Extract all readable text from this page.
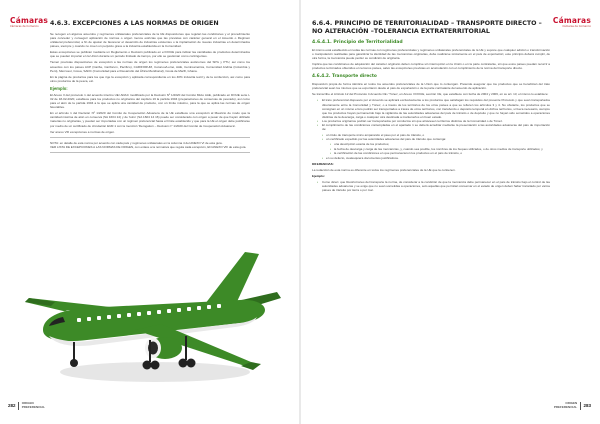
Cámaras
Cámaras de Comercio	4.6.3. EXCEPCIONES A LAS NORMAS DE ORIGEN

Se recogen en algunos acuerdos y regímenes unilaterales preferenciales de la UE disposiciones que regulan las condiciones y el procedimiento para conceder y conseguir aplicación de normas o origen menos estrictas que las previstas con carácter general en el Acuerdo o Régimen unilateral preferencial, a fin de ajustar de favorecer el desarrollo de industrias existentes o la implantación de nuevas industrias en determinados países, siempre y cuando no creen un perjuicio grave a la industria establecida en la Comunidad.

Estas excepciones se publican mediante un Reglamento o Decisión publicado en el DOUE para indicar las cantidades de productos determinados que se pueden importar en la Unión durante un periodo limitado de tiempo, por ello se gestionan como contingentes.

Tienen previstas disposiciones de excepción a las normas de origen los regímenes preferenciales autónomos del SPG y PTU, así como los acuerdos con los países ACP (Caribe, Cariforum, Pacífico), CARIFORUM, Cotonou/Lomé, AAE, Centroamérica, Comunidad Andina (Colombia y Perú), Mercosur, Corea, SADC (Comunidad para el Desarrollo del África Meridional), Costa de Marfil, Ghana.

En la página de productos para los que rige la excepción y aplicada correspondiente en los 40% industria textil y de la confección, así como para otros productos de la pesca, etc.

Ejemplo:

El Anexo II del protocolo 1 del acuerdo interino UE/ ADAC modificado por la Decisión Nº 1/2020 del Comité Mixto AAE, publicado en DOUE serie L 32 de 18-02-2020, establece para los productos no originarios del capítulo 16 la partida 1604 (preparaciones de conservas de pescado), así como para el atún de la partida 1604 a la que se aplica una cantidad de producto, con un límite máximo, para la que se aplica las normas de origen favorables.

En el artículo 1 del Decisión Nº 1/2020 del Comité de Cooperación Aduanera de la UE establece una excepción al Mauricio de modo que la cantidad máxima de atún en conserva (SA 1604 14) y de 'loins' (SA 1604 14 16) puede ser considerado con origen a pesar de que hayan utilizado materias no originarias, y pueden ser importadas con un régimen preferencial hasta el límite establecido y que para la UE el origen debe justificarse por medio de un certificado de circulación EUR.1 con la mención 'Derogation – Decision n° 1/2020 del Comité de Cooperación Aduanera'.

Ver anexo VIII excepciones a normas de origen.

NOTA: en detalle de esta norma por acuerdo con cada país y regímenes unilaterales en la columna 4 del ANEXO VI de esta guía.

VER LISTA DE EXCEPCIONES A LAS NORMAS DE ORIGEN, con enlace a la normativa que regula cada excepción, EN ANEXO VIII de esta guía.

282 ORIGEN
PREFERENCIAL
Cámaras
Cámaras de Comercio
6.6.4. PRINCIPIO DE TERRITORIALIDAD – TRANSPORTE DIRECTO – NO ALTERACIÓN –TOLERANCIA EXTRATERRITORIAL
4.6.4.1. Principio de Territorialidad

El mismo está establecido en todas las normas con regímenes preferenciales y regímenes unilaterales preferenciales de la UE y supone que cualquier adición o transformación o manipulación realizadas para garantizar la identidad de las mercancías originarias, debe realizarse únicamente en el país de exportación; este principio deberá cumplir, de otra forma, la mercancía puede perder su condición de originaria.

Implica que las condiciones de adquisición del carácter originario deben cumplirse sin interrupción en la Unión o en la parte contratante, sin que estos países puedan recurrir a productos terminados obtenidos en terceros países, salvo las excepciones previstas en acumulación con el cumplimiento de la norma del transporte directo.

4.6.4.2. Transporte directo

Disposición propia de forma idéntica en todos los acuerdos preferenciales de la Unión que lo contengan. Pretende asegurar que los productos que se benefician del trato preferencial sean los mismos que se exportaron desde el país de exportación o de la parte contratante del acuerdo de aplicación.

Se transcribe el Artículo 12 del Protocolo 4 Acuerdo CE / Túnez, en Anexo II DOUE, sección CE, que establece con fecha de 2004 y 2006, en su art. 13, el mismo lo establece:

• El trato preferencial dispuesto por el Acuerdo se aplicará exclusivamente a los productos que satisfagan los requisitos del presente Protocolo y que sean transportados directamente entre la Comunidad y Túnez, o a través de los territorios de los otros países a que se refieren los artículos 3 y 4. No obstante, los productos que se consignan en un mismo envío podrán ser transportados a través de otros territorios, con transbordo o depósito temporal en dichos territorios, si fuera necesario, siempre que los productos hayan permanecido bajo la vigilancia de las autoridades aduaneras del país de tránsito o de depósito y que no hayan sido sometidos a operaciones distintas de la descarga, carga o cualquier otra destinada a mantenerlos en buen estado.
• Los productos originarios podrán ser transportados por conductos sin que atraviesen territorios distintos de la Comunidad o de Túnez.
• El cumplimiento de las condiciones contempladas en el apartado 1 se deberá acreditar mediante la presentación a las autoridades aduaneras del país de importación de:
• un título de transporte único amparando el paso por el país de tránsito, o
• un certificado expedido por las autoridades aduaneras del país de tránsito que contenga:
• una descripción exacta de los productos;
• la fecha de descarga y carga de las mercancías, y, cuando sea posible, los nombres de los buques utilizados, o de otros medios de transporte utilizados; y
• la certificación de las condiciones en que permanecieron los productos en el país de tránsito, o
• en su defecto, cualesquiera documentos justificativos.

DIFERENCIAS:

La redacción de esta norma es diferente en todos los regímenes preferenciales de la UE que la contienen.

Ejemplo:

• Como dicen: que Restricciones del transporte la norma, de considerar a la condición de que la mercancía debe permanecer en el país de tránsito bajo el control de las autoridades aduaneras y se exige que no sean sometidas a operaciones, solo aquellas que permitan conservar en el estado de origen deben haber transitado por varios países de tránsito por tierra o por mar.
ORIGEN
PREFERENCIAL 283
